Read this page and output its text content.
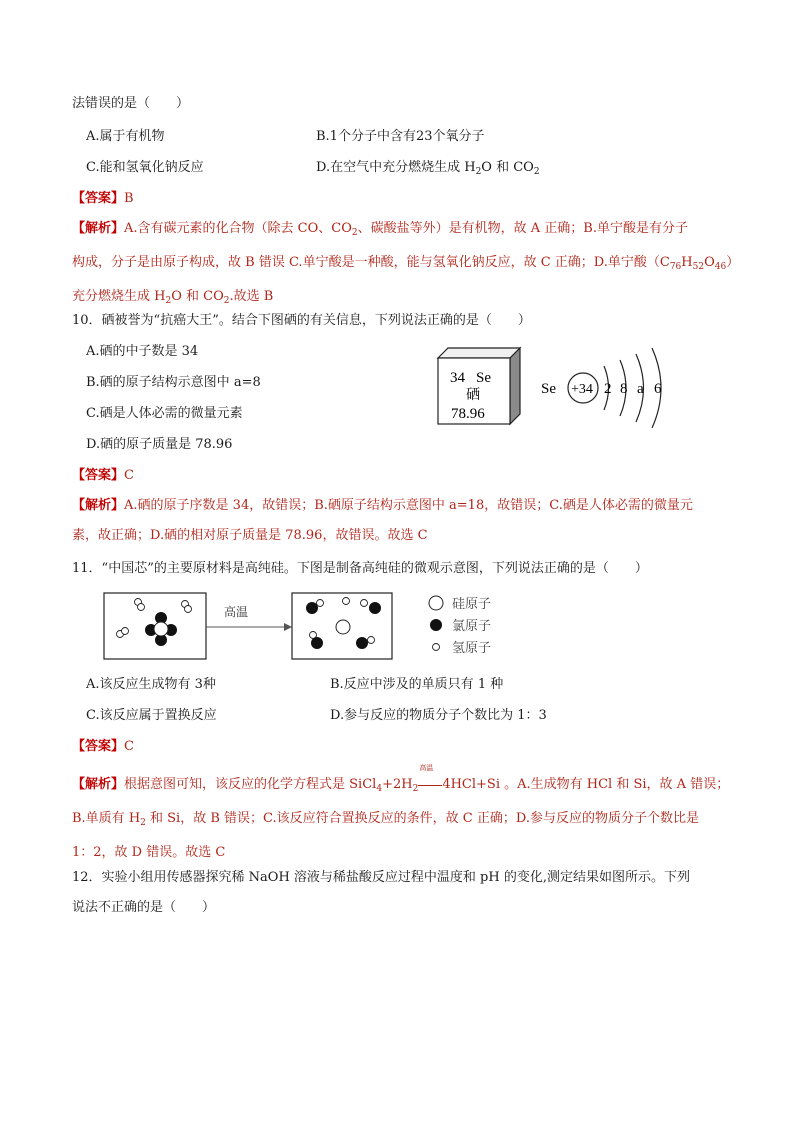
法错误的是（　　）
A.属于有机物	B.1个分子中含有23个氧分子
C.能和氢氧化钠反应	D.在空气中充分燃烧生成 $H_2O$ 和 $CO_2$
【答案】B
【解析】A.含有碳元素的化合物（除去 CO、$CO_2$、碳酸盐等外）是有机物，故 A 正确；B.单宁酸是有分子
构成，分子是由原子构成，故 B 错误 C.单宁酸是一种酸，能与氢氧化钠反应，故 C 正确；D.单宁酸$(C_{76}H_{52}O_{46})$
充分燃烧生成 $H_2O$ 和 $CO_2$.故选 B
10．硒被誉为“抗癌大王”。结合下图硒的有关信息，下列说法正确的是（　　）
A.硒的中子数是 34
B.硒的原子结构示意图中 a=8
C.硒是人体必需的微量元素
D.硒的原子质量是 78.96
34 Se
硒
78.96
Se +34 2 8 a 6
【答案】C
【解析】A.硒的原子序数是 34，故错误；B.硒原子结构示意图中 a=18，故错误；C.硒是人体必需的微量元
素，故正确；D.硒的相对原子质量是 78.96，故错误。故选 C
11．“中国芯”的主要原材料是高纯硅。下图是制备高纯硅的微观示意图，下列说法正确的是（　　）
高温
硅原子
氯原子
氢原子
A.该反应生成物有 3种	B.反应中涉及的单质只有 1 种
C.该反应属于置换反应	D.参与反应的物质分子个数比为 1：3
【答案】C
【解析】根据意图可知，该反应的化学方程式是 $SiCl_4+2H_2$
高温
4HCl+Si 。A.生成物有 HCl 和 Si，故 A 错误；
B.单质有 $H_2$ 和 Si，故 B 错误；C.该反应符合置换反应的条件，故 C 正确；D.参与反应的物质分子个数比是
1：2，故 D 错误。故选 C
12．实验小组用传感器探究稀 NaOH 溶液与稀盐酸反应过程中温度和 pH 的变化,测定结果如图所示。下列
说法不正确的是（　　）
